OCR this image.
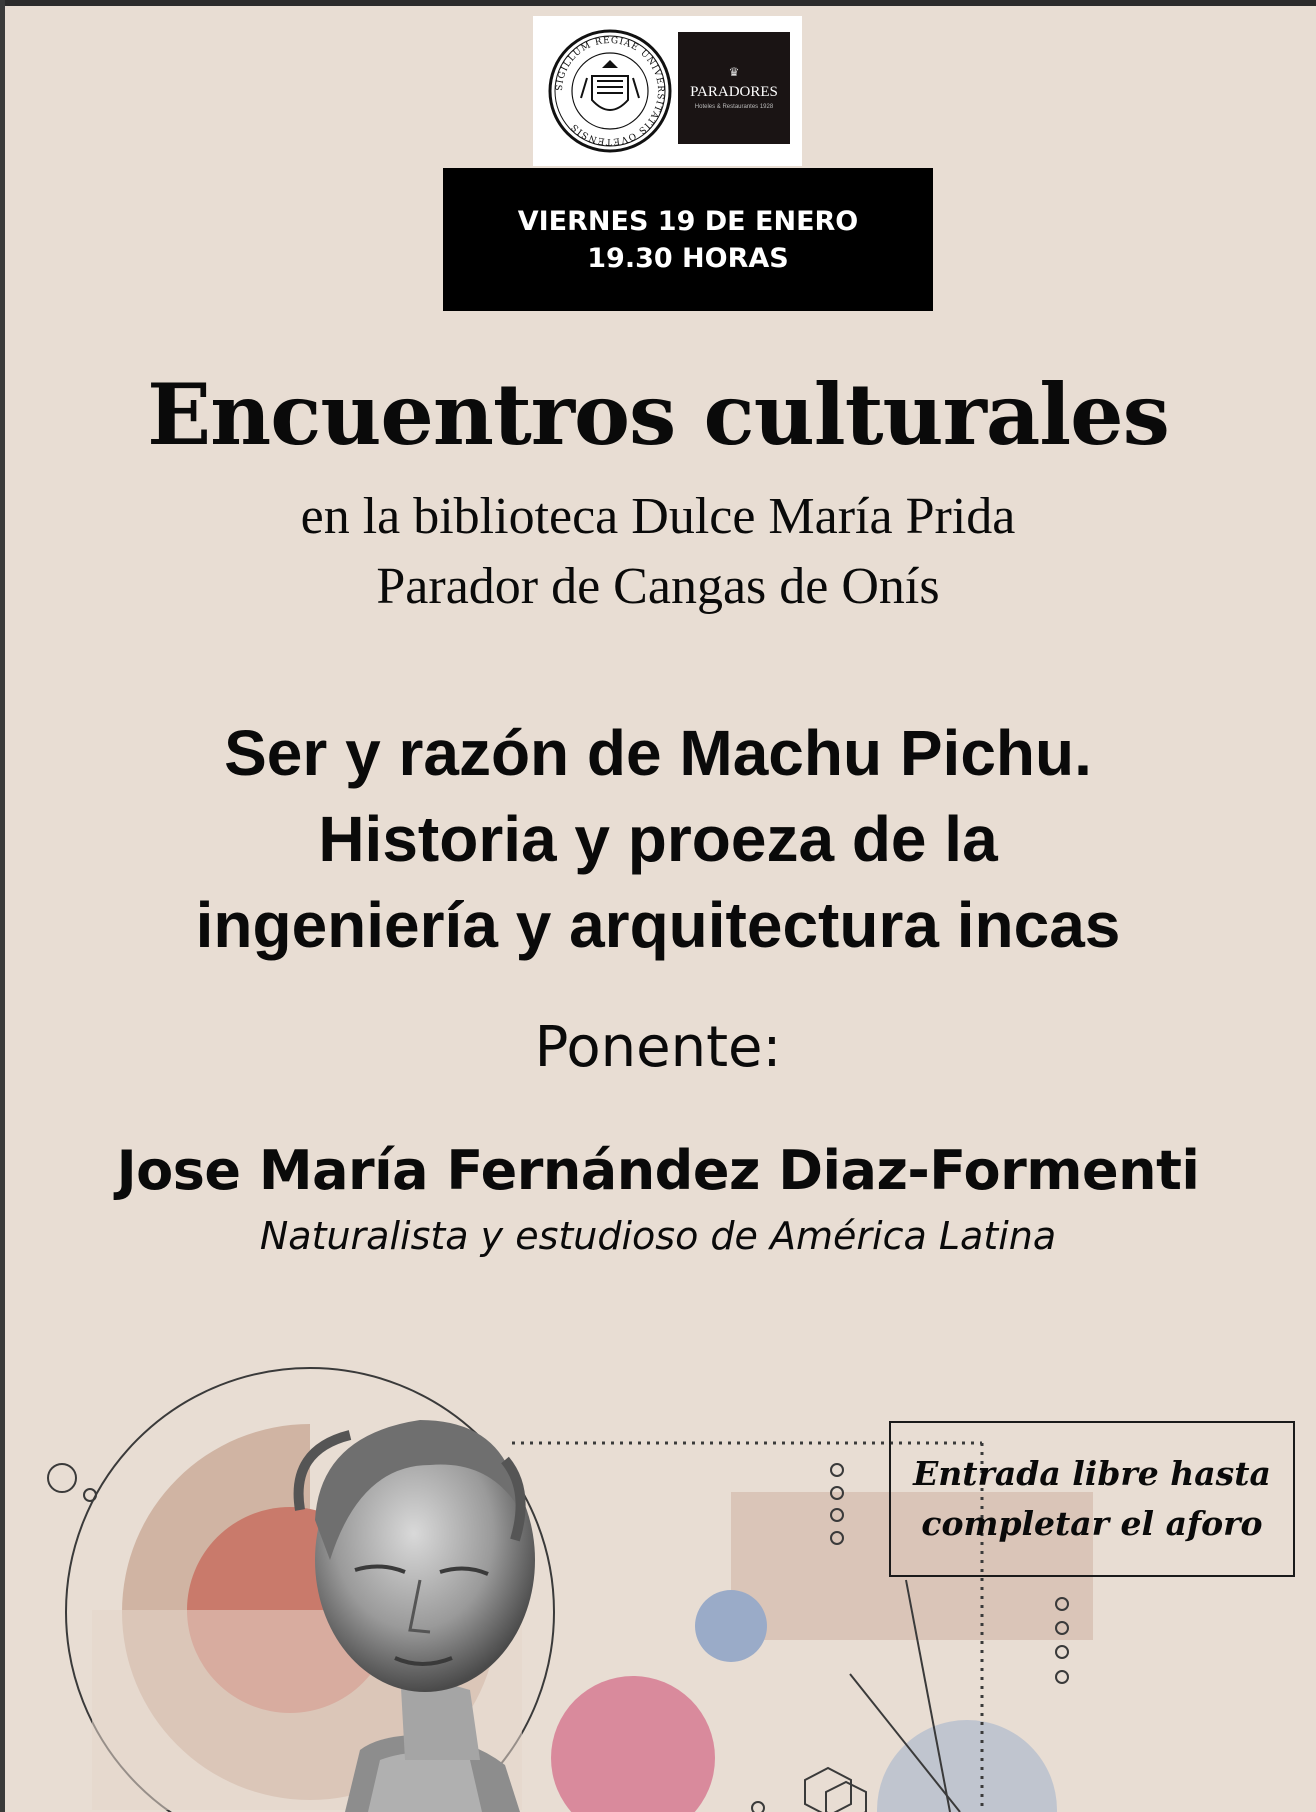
SIGILLUM REGIAE UNIVERSITATIS OVETENSIS
♛
PARADORES
Hoteles & Restaurantes 1928
VIERNES 19 DE ENERO
19.30 HORAS
Encuentros culturales
en la biblioteca Dulce María Prida
Parador de Cangas de Onís
Ser y razón de Machu Pichu.
Historia y proeza de la
ingeniería y arquitectura incas
Ponente:
Jose María Fernández Diaz-Formenti
Naturalista y estudioso de América Latina
Entrada libre hasta
completar el aforo
